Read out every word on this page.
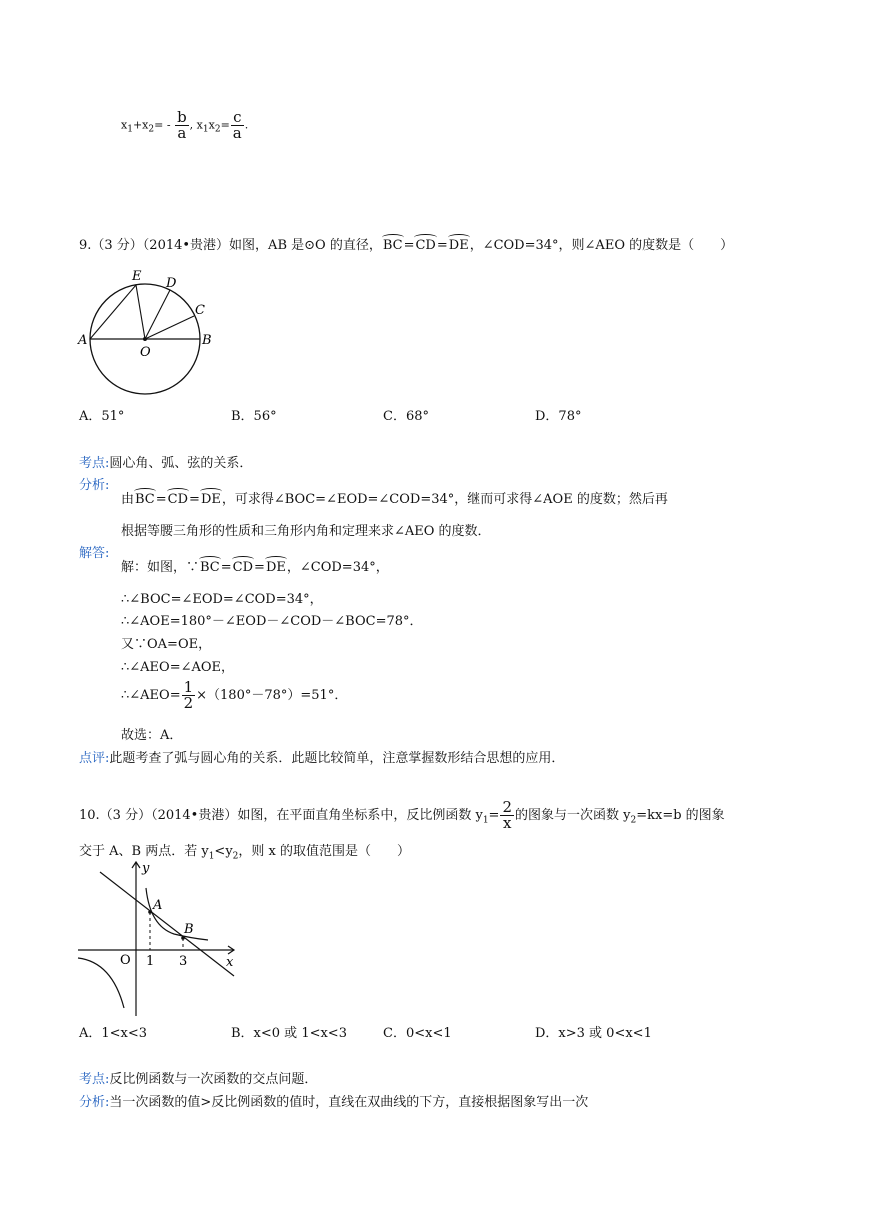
$x_1+x_2= - \frac{b}{a}$ , $x_1x_2= \frac{c}{a}$ .
9.（3 分）（2014•贵港）如图，AB 是⊙O 的直径，BC=CD=DE，∠COD=34°，则∠AEO 的度数是（　　）
E D
C
A
O
B
A．51°	B．56°	C．68°	D．78°
考点:圆心角、弧、弦的关系．
分析:
由BC=CD=DE，可求得∠BOC=∠EOD=∠COD=34°，继而可求得∠AOE 的度数；然后再
根据等腰三角形的性质和三角形内角和定理来求∠AEO 的度数．
解答:
解：如图，∵BC=CD=DE，∠COD=34°，
∴∠BOC=∠EOD=∠COD=34°，
∴∠AOE=180°－∠EOD－∠COD－∠BOC=78°．
又∵OA=OE，
∴∠AEO=∠AOE，
∴∠AEO= $\frac{1}{2} \times(180^\circ-78^\circ)=51^\circ$．
故选：A．
点评:此题考查了弧与圆心角的关系．此题比较简单，注意掌握数形结合思想的应用．
10.（3 分）（2014•贵港）如图，在平面直角坐标系中，反比例函数 $y_1= \frac{2}{x}$ 的图象与一次函数 $y_2=kx=b$ 的图象
交于 A、B 两点．若 $y_1<y_2$，则 x 的取值范围是（　　）
y
A
B
O 1 3	x
A．1<x<3	B．x<0 或 1<x<3	C．0<x<1	D．x>3 或 0<x<1
考点:反比例函数与一次函数的交点问题．
分析:当一次函数的值>反比例函数的值时，直线在双曲线的下方，直接根据图象写出一次
